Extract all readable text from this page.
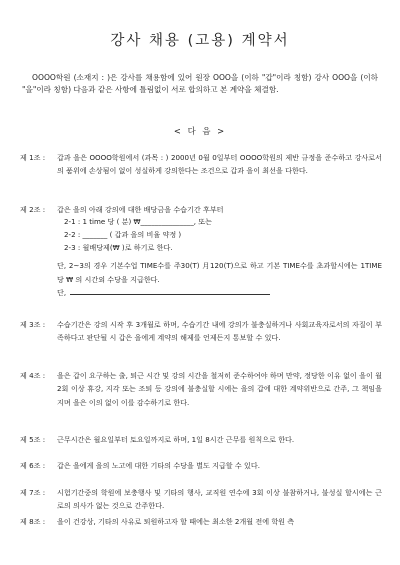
강사 채용 (고용) 계약서
OOOO학원 (소재지 : )은 강사를 채용함에 있어 원장 OOO을 (이하 "갑"이라 칭함) 강사 OOO을 (이하 "을"이라 칭함) 다음과 같은 사항에 틀림없이 서로 합의하고 본 계약을 체결함.
< 다 음 >
제 1조 : 갑과 을은 OOOO학원에서 (과목 : ) 2000년 0월 0일부터 OOOO학원의 제반 규정을 준수하고 강사로서의 품위에 손상됨이 없이 성실하게 강의한다는 조건으로 갑과 을이 최선을 다한다.
제 2조 : 갑은 을의 아래 강의에 대한 배당금을 수습기간 후부터
2-1 : 1 time 당 ( 분) ₩_______________, 또는
2-2 : _______ ( 갑과 을의 비율 약정 )
2-3 : 월배당제(₩ )로 하기로 한다.
단, 2~3의 경우 기본수업 TIME수를 주30(T) 月120(T)으로 하고 기본 TIME수를 초과할시에는 1TIME당 ₩ 의 시간외 수당을 지급한다.
단,
제 3조 : 수습기간은 강의 시작 후 3개월로 하며, 수습기간 내에 강의가 불충실하거나 사회교육자로서의 자질이 부족하다고 판단될 시 갑은 을에게 계약의 해제를 언제든지 통보할 수 있다.
제 4조 : 을은 갑이 요구하는 출, 퇴근 시간 및 강의 시간을 철저히 준수하여야 하며 만약, 정당한 이유 없이 을이 월 2회 이상 휴강, 지각 또는 조퇴 등 강의에 불충실할 시에는 을의 갑에 대한 계약위반으로 간주, 그 책임을 지며 을은 이의 없이 이를 감수하기로 한다.
제 5조 : 근무시간은 월요일부터 토요일까지로 하며, 1일 8시간 근무를 원칙으로 한다.
제 6조 : 갑은 을에게 을의 노고에 대한 기타의 수당을 별도 지급할 수 있다.
제 7조 : 시험기간중의 학원에 보충행사 및 기타의 행사, 교직원 연수에 3회 이상 불참하거나, 불성실 할시에는 근로의 의사가 없는 것으로 간주한다.
제 8조 : 을이 건강상, 기타의 사유로 퇴원하고자 할 때에는 최소한 2개월 전에 학원 측
